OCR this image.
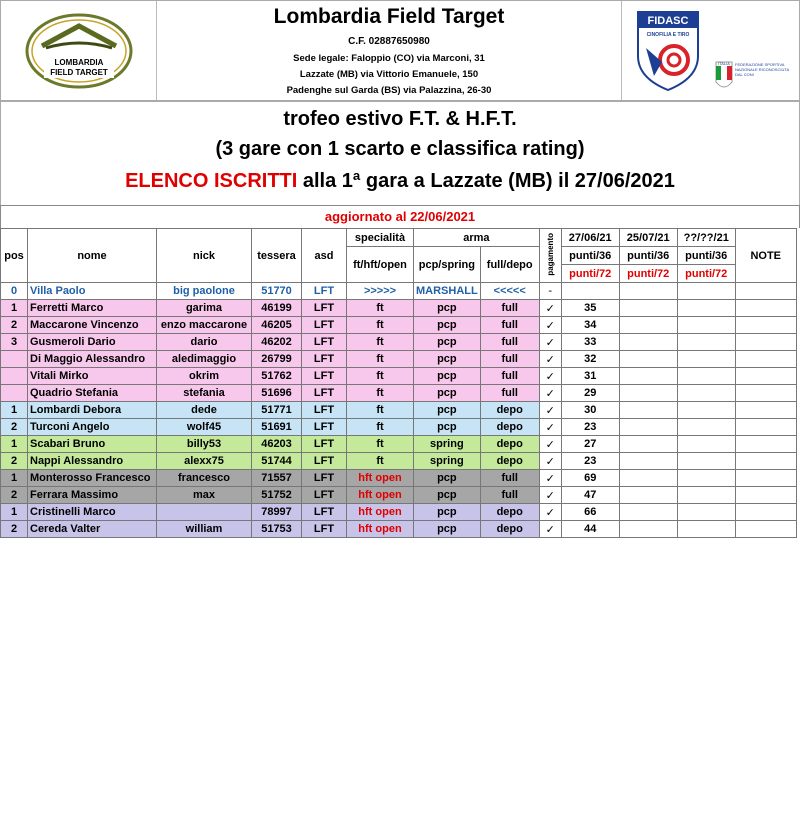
LOMBARDIA
FIELD TARGET
Lombardia Field Target
C.F. 02887650980
Sede legale: Faloppio (CO) via Marconi, 31
Lazzate (MB) via Vittorio Emanuele, 150
Padenghe sul Garda (BS) via Palazzina, 26-30
FIDASC
CINOFILIA E TIRO
ITALIA FEDERAZIONE SPORTIVA NAZIONALE RICONOSCIUTA DAL CONI
trofeo estivo F.T. & H.F.T.
(3 gare con 1 scarto e classifica rating)
ELENCO ISCRITTI alla 1ª gara a Lazzate (MB) il 27/06/2021
aggiornato al 22/06/2021
pos	nome	nick	tessera	asd	specialità	arma		pagamento	27/06/21	25/07/21	??/??/21	NOTE
					ft/hft/open	pcp/spring	full/depo		punti/36	punti/36	punti/36	
									punti/72	punti/72	punti/72	
0	Villa Paolo	big paolone	51770	LFT	>>>>>	MARSHALL	<<<<<	-				
1	Ferretti Marco	garima	46199	LFT	ft	pcp	full	✓	35			
2	Maccarone Vincenzo	enzo maccarone	46205	LFT	ft	pcp	full	✓	34			
3	Gusmeroli Dario	dario	46202	LFT	ft	pcp	full	✓	33			
	Di Maggio Alessandro	aledimaggio	26799	LFT	ft	pcp	full	✓	32			
	Vitali Mirko	okrim	51762	LFT	ft	pcp	full	✓	31			
	Quadrio Stefania	stefania	51696	LFT	ft	pcp	full	✓	29			
1	Lombardi Debora	dede	51771	LFT	ft	pcp	depo	✓	30			
2	Turconi Angelo	wolf45	51691	LFT	ft	pcp	depo	✓	23			
1	Scabari Bruno	billy53	46203	LFT	ft	spring	depo	✓	27			
2	Nappi Alessandro	alexx75	51744	LFT	ft	spring	depo	✓	23			
1	Monterosso Francesco	francesco	71557	LFT	hft open	pcp	full	✓	69			
2	Ferrara Massimo	max	51752	LFT	hft open	pcp	full	✓	47			
1	Cristinelli Marco		78997	LFT	hft open	pcp	depo	✓	66			
2	Cereda Valter	william	51753	LFT	hft open	pcp	depo	✓	44			
